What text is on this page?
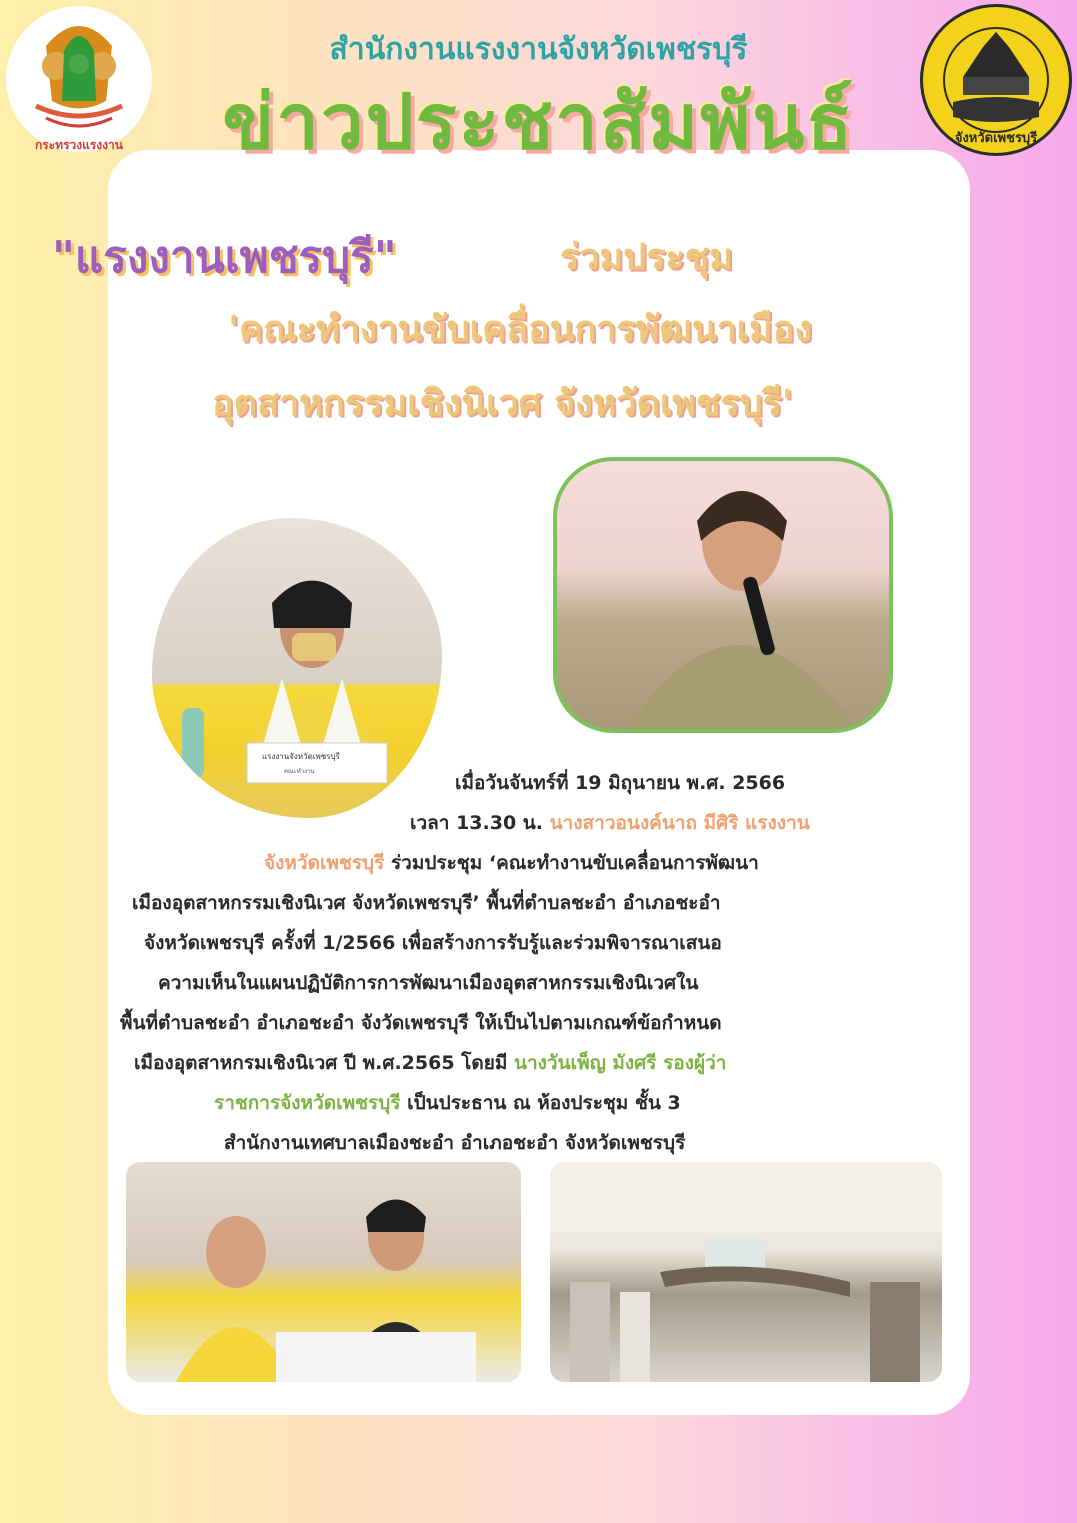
กระทรวงแรงงาน	จังหวัดเพชรบุรี
สำนักงานแรงงานจังหวัดเพชรบุรี
ข่าวประชาสัมพันธ์
"แรงงานเพชรบุรี"	ร่วมประชุม
'คณะทำงานขับเคลื่อนการพัฒนาเมือง
อุตสาหกรรมเชิงนิเวศ จังหวัดเพชรบุรี'
แรงงานจังหวัดเพชรบุรี
คณะทำงาน
เมื่อวันจันทร์ที่ 19 มิถุนายน พ.ศ. 2566
เวลา 13.30 น. นางสาวอนงค์นาถ มีศิริ แรงงาน
จังหวัดเพชรบุรี ร่วมประชุม ‘คณะทำงานขับเคลื่อนการพัฒนา
เมืองอุตสาหกรรมเชิงนิเวศ จังหวัดเพชรบุรี’ พื้นที่ตำบลชะอำ อำเภอชะอำ
จังหวัดเพชรบุรี ครั้งที่ 1/2566 เพื่อสร้างการรับรู้และร่วมพิจารณาเสนอ
ความเห็นในแผนปฏิบัติการการพัฒนาเมืองอุตสาหกรรมเชิงนิเวศใน
พื้นที่ตำบลชะอำ อำเภอชะอำ จังวัดเพชรบุรี ให้เป็นไปตามเกณฑ์ข้อกำหนด
เมืองอุตสาหกรมเชิงนิเวศ ปี พ.ศ.2565 โดยมี นางวันเพ็ญ มังศรี รองผู้ว่า
ราชการจังหวัดเพชรบุรี เป็นประธาน ณ ห้องประชุม ชั้น 3
สำนักงานเทศบาลเมืองชะอำ อำเภอชะอำ จังหวัดเพชรบุรี
